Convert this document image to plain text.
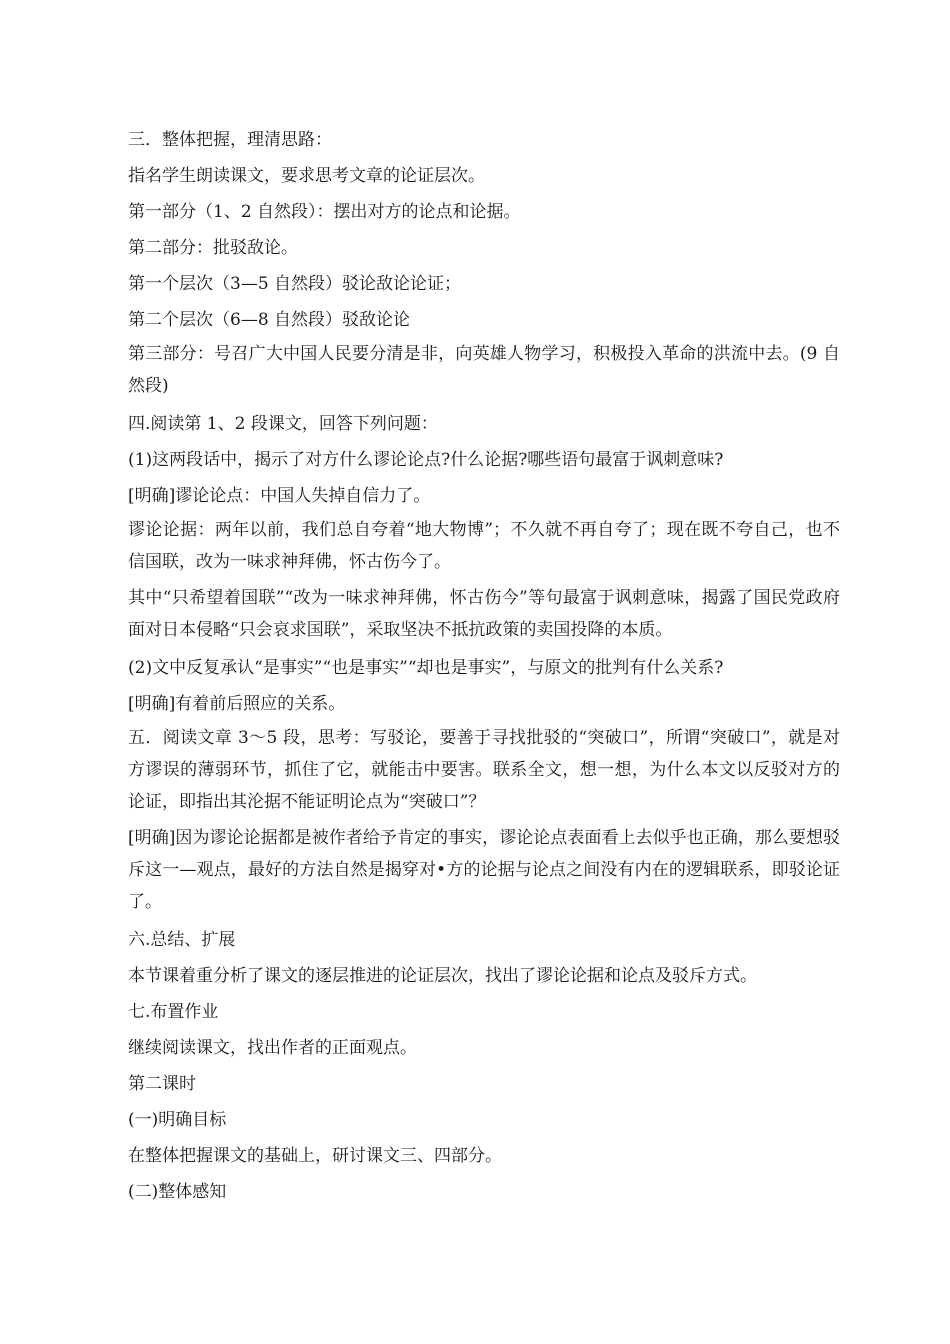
三．整体把握，理清思路：
指名学生朗读课文，要求思考文章的论证层次。
第一部分（1、2 自然段）：摆出对方的论点和论据。
第二部分：批驳敌论。
第一个层次（3—5 自然段）驳论敌论论证；
第二个层次（6—8 自然段）驳敌论论
第三部分：号召广大中国人民要分清是非，向英雄人物学习，积极投入革命的洪流中去。(9 自然段)
四.阅读第 1、2 段课文，回答下列问题：
(1)这两段话中，揭示了对方什么谬论论点?什么论据?哪些语句最富于讽刺意味?
[明确]谬论论点：中国人失掉自信力了。
谬论论据：两年以前，我们总自夸着“地大物博”；不久就不再自夸了；现在既不夸自己，也不信国联，改为一味求神拜佛，怀古伤今了。
其中“只希望着国联”“改为一味求神拜佛，怀古伤今”等句最富于讽刺意味，揭露了国民党政府面对日本侵略“只会哀求国联”，采取坚决不抵抗政策的卖国投降的本质。
(2)文中反复承认“是事实”“也是事实”“却也是事实”，与原文的批判有什么关系?
[明确]有着前后照应的关系。
五．阅读文章 3～5 段，思考：写驳论，要善于寻找批驳的“突破口”，所谓“突破口”，就是对方谬误的薄弱环节，抓住了它，就能击中要害。联系全文，想一想，为什么本文以反驳对方的论证，即指出其沦据不能证明论点为“突破口”？
[明确]因为谬论论据都是被作者给予肯定的事实，谬论论点表面看上去似乎也正确，那么要想驳斥这一—观点，最好的方法自然是揭穿对•方的论据与论点之间没有内在的逻辑联系，即驳论证了。
六.总结、扩展
本节课着重分析了课文的逐层推进的论证层次，找出了谬论论据和论点及驳斥方式。
七.布置作业
继续阅读课文，找出作者的正面观点。
第二课时
(一)明确目标
在整体把握课文的基础上，研讨课文三、四部分。
(二)整体感知
